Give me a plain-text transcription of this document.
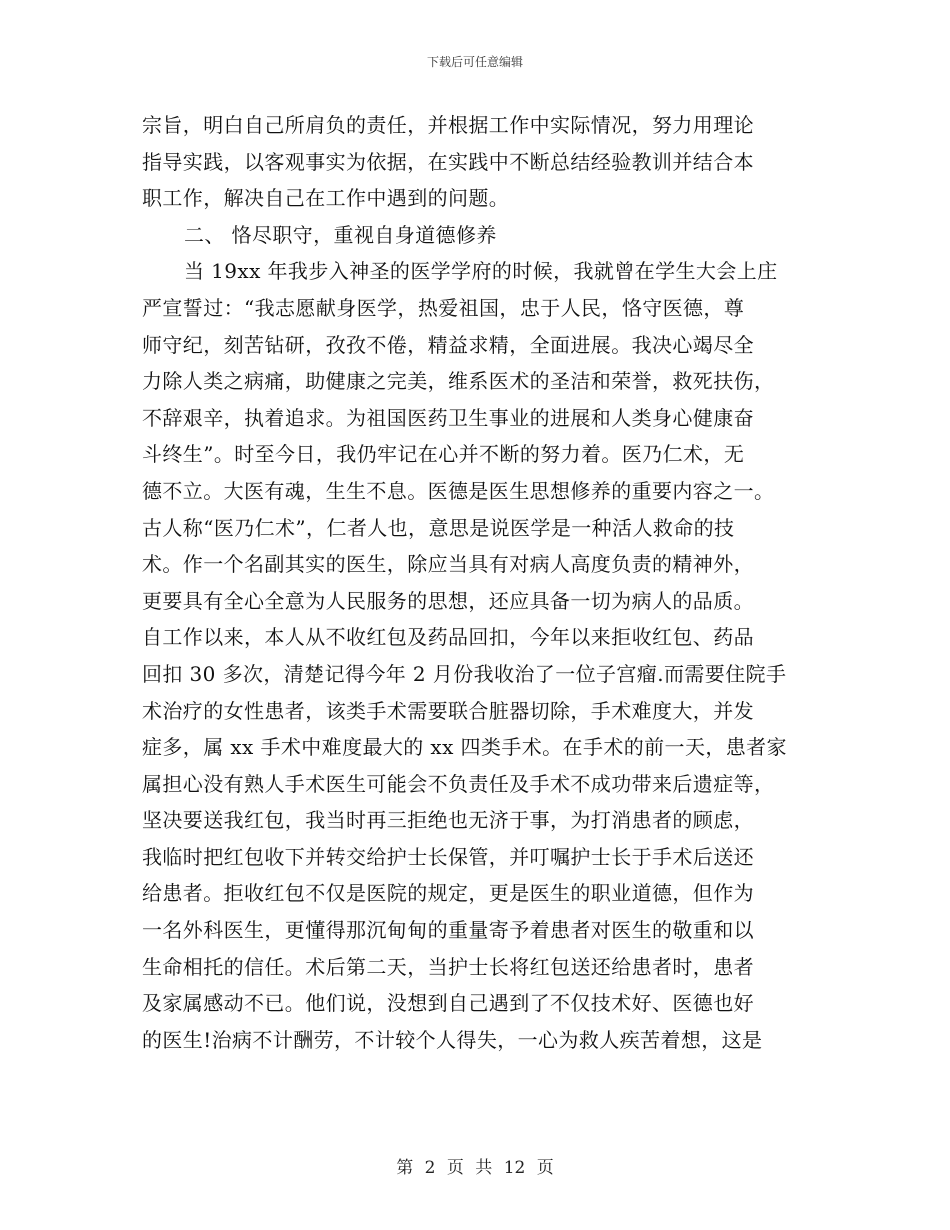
下载后可任意编辑
宗旨，明白自己所肩负的责任，并根据工作中实际情况，努力用理论
指导实践，以客观事实为依据，在实践中不断总结经验教训并结合本
职工作，解决自己在工作中遇到的问题。
二、 恪尽职守，重视自身道德修养
当 19xx 年我步入神圣的医学学府的时候，我就曾在学生大会上庄
严宣誓过：“我志愿献身医学，热爱祖国，忠于人民，恪守医德，尊
师守纪，刻苦钻研，孜孜不倦，精益求精，全面进展。我决心竭尽全
力除人类之病痛，助健康之完美，维系医术的圣洁和荣誉，救死扶伤，
不辞艰辛，执着追求。为祖国医药卫生事业的进展和人类身心健康奋
斗终生”。时至今日，我仍牢记在心并不断的努力着。医乃仁术，无
德不立。大医有魂，生生不息。医德是医生思想修养的重要内容之一。
古人称“医乃仁术”，仁者人也，意思是说医学是一种活人救命的技
术。作一个名副其实的医生，除应当具有对病人高度负责的精神外，
更要具有全心全意为人民服务的思想，还应具备一切为病人的品质。
自工作以来，本人从不收红包及药品回扣，今年以来拒收红包、药品
回扣 30 多次，清楚记得今年 2 月份我收治了一位子宫瘤.而需要住院手
术治疗的女性患者，该类手术需要联合脏器切除，手术难度大，并发
症多，属 xx 手术中难度最大的 xx 四类手术。在手术的前一天，患者家
属担心没有熟人手术医生可能会不负责任及手术不成功带来后遗症等，
坚决要送我红包，我当时再三拒绝也无济于事，为打消患者的顾虑，
我临时把红包收下并转交给护士长保管，并叮嘱护士长于手术后送还
给患者。拒收红包不仅是医院的规定，更是医生的职业道德，但作为
一名外科医生，更懂得那沉甸甸的重量寄予着患者对医生的敬重和以
生命相托的信任。术后第二天，当护士长将红包送还给患者时，患者
及家属感动不已。他们说，没想到自己遇到了不仅技术好、医德也好
的医生!治病不计酬劳，不计较个人得失，一心为救人疾苦着想，这是
第 2 页 共 12 页
